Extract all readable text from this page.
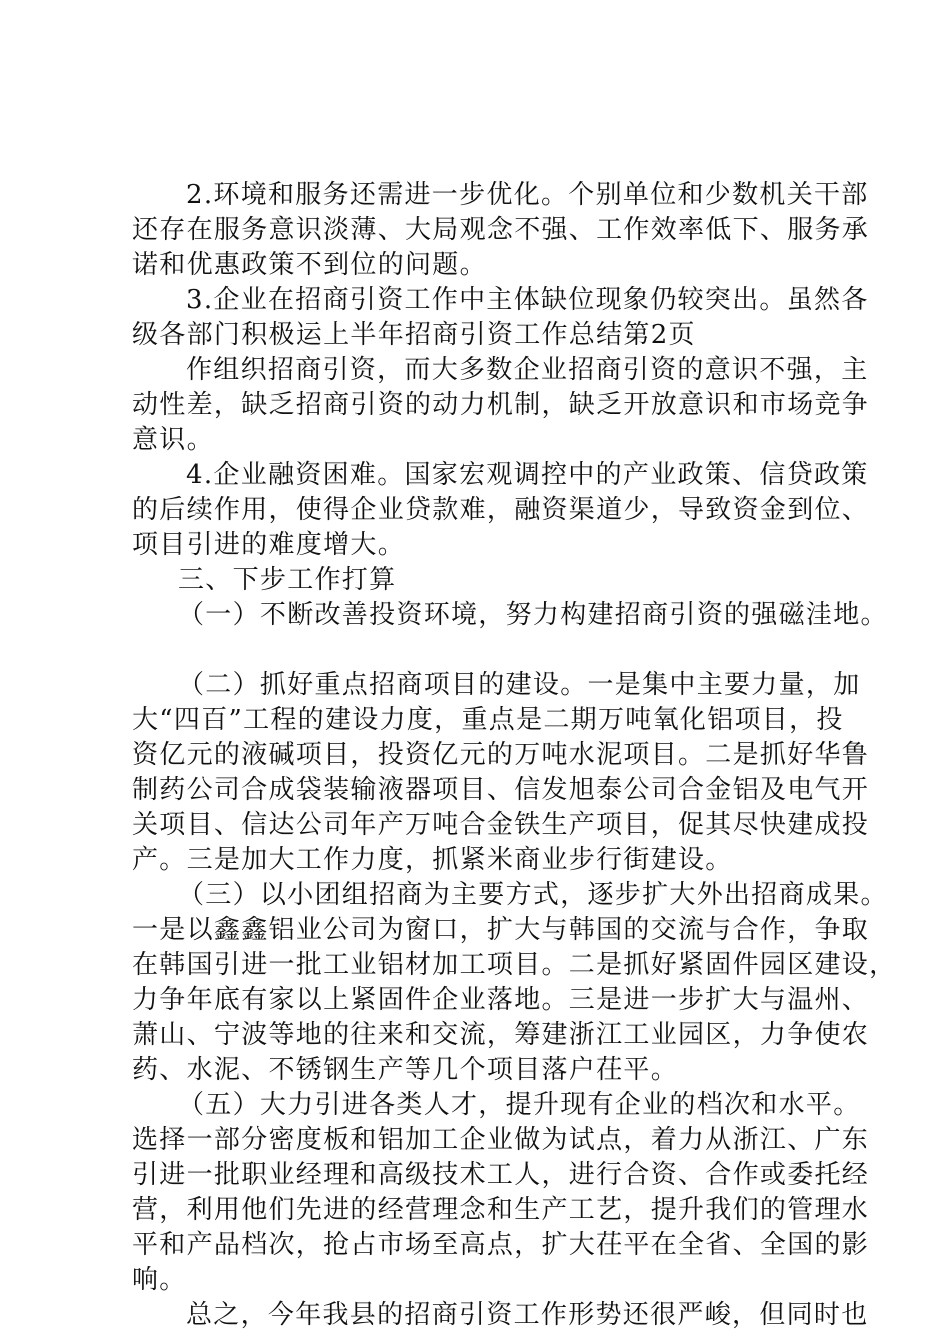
2.环境和服务还需进一步优化。个别单位和少数机关干部
还存在服务意识淡薄、大局观念不强、工作效率低下、服务承
诺和优惠政策不到位的问题。
3.企业在招商引资工作中主体缺位现象仍较突出。虽然各
级各部门积极运上半年招商引资工作总结第2页
作组织招商引资，而大多数企业招商引资的意识不强，主
动性差，缺乏招商引资的动力机制，缺乏开放意识和市场竞争
意识。
4.企业融资困难。国家宏观调控中的产业政策、信贷政策
的后续作用，使得企业贷款难，融资渠道少，导致资金到位、
项目引进的难度增大。
三、下步工作打算
（一）不断改善投资环境，努力构建招商引资的强磁洼地。
（二）抓好重点招商项目的建设。一是集中主要力量，加
大“四百”工程的建设力度，重点是二期万吨氧化铝项目，投
资亿元的液碱项目，投资亿元的万吨水泥项目。二是抓好华鲁
制药公司合成袋装输液器项目、信发旭泰公司合金铝及电气开
关项目、信达公司年产万吨合金铁生产项目，促其尽快建成投
产。三是加大工作力度，抓紧米商业步行街建设。
（三）以小团组招商为主要方式，逐步扩大外出招商成果。
一是以鑫鑫铝业公司为窗口，扩大与韩国的交流与合作，争取
在韩国引进一批工业铝材加工项目。二是抓好紧固件园区建设，
力争年底有家以上紧固件企业落地。三是进一步扩大与温州、
萧山、宁波等地的往来和交流，筹建浙江工业园区，力争使农
药、水泥、不锈钢生产等几个项目落户茌平。
（五）大力引进各类人才，提升现有企业的档次和水平。
选择一部分密度板和铝加工企业做为试点，着力从浙江、广东
引进一批职业经理和高级技术工人，进行合资、合作或委托经
营，利用他们先进的经营理念和生产工艺，提升我们的管理水
平和产品档次，抢占市场至高点，扩大茌平在全省、全国的影
响。
总之，今年我县的招商引资工作形势还很严峻，但同时也
